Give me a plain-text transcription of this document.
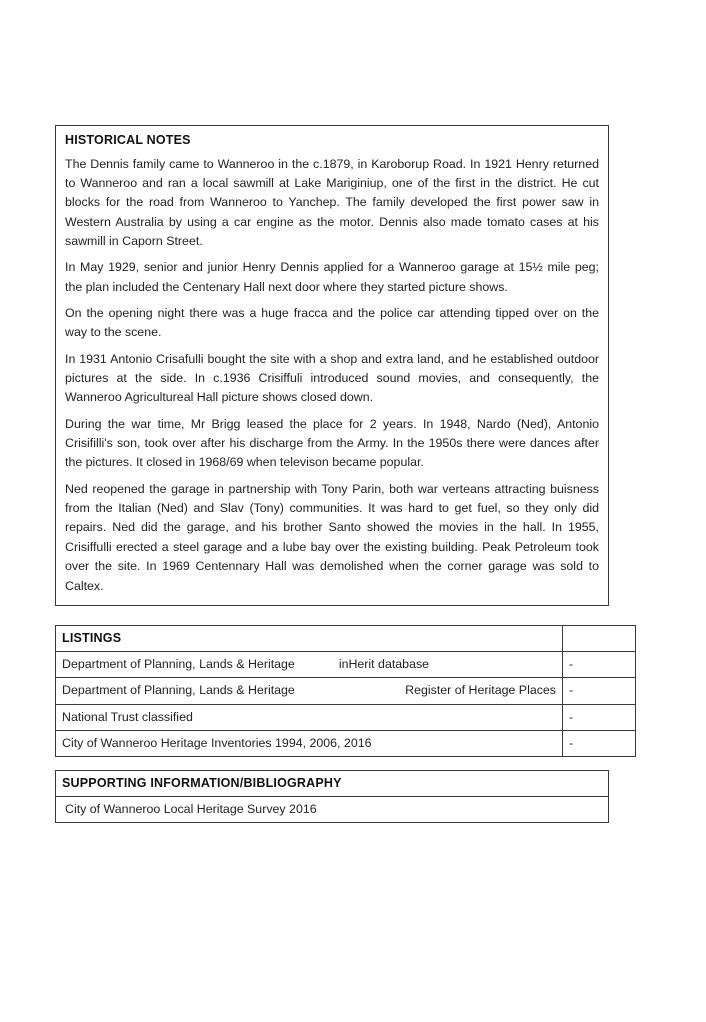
HISTORICAL NOTES

The Dennis family came to Wanneroo in the c.1879, in Karoborup Road. In 1921 Henry returned to Wanneroo and ran a local sawmill at Lake Mariginiup, one of the first in the district. He cut blocks for the road from Wanneroo to Yanchep. The family developed the first power saw in Western Australia by using a car engine as the motor. Dennis also made tomato cases at his sawmill in Caporn Street.

In May 1929, senior and junior Henry Dennis applied for a Wanneroo garage at 15½ mile peg; the plan included the Centenary Hall next door where they started picture shows.

On the opening night there was a huge fracca and the police car attending tipped over on the way to the scene.

In 1931 Antonio Crisafulli bought the site with a shop and extra land, and he established outdoor pictures at the side. In c.1936 Crisiffuli introduced sound movies, and consequently, the Wanneroo Agricultureal Hall picture shows closed down.

During the war time, Mr Brigg leased the place for 2 years. In 1948, Nardo (Ned), Antonio Crisifilli's son, took over after his discharge from the Army. In the 1950s there were dances after the pictures. It closed in 1968/69 when televison became popular.

Ned reopened the garage in partnership with Tony Parin, both war verteans attracting buisness from the Italian (Ned) and Slav (Tony) communities. It was hard to get fuel, so they only did repairs. Ned did the garage, and his brother Santo showed the movies in the hall. In 1955, Crisiffulli erected a steel garage and a lube bay over the existing building. Peak Petroleum took over the site. In 1969 Centennary Hall was demolished when the corner garage was sold to Caltex.

LISTINGS	

Department of Planning, Lands & Heritage inHerit database	-

Department of Planning, Lands & Heritage Register of Heritage Places	-
National Trust classified	-
City of Wanneroo Heritage Inventories 1994, 2006, 2016	-
SUPPORTING INFORMATION/BIBLIOGRAPHY
City of Wanneroo Local Heritage Survey 2016
